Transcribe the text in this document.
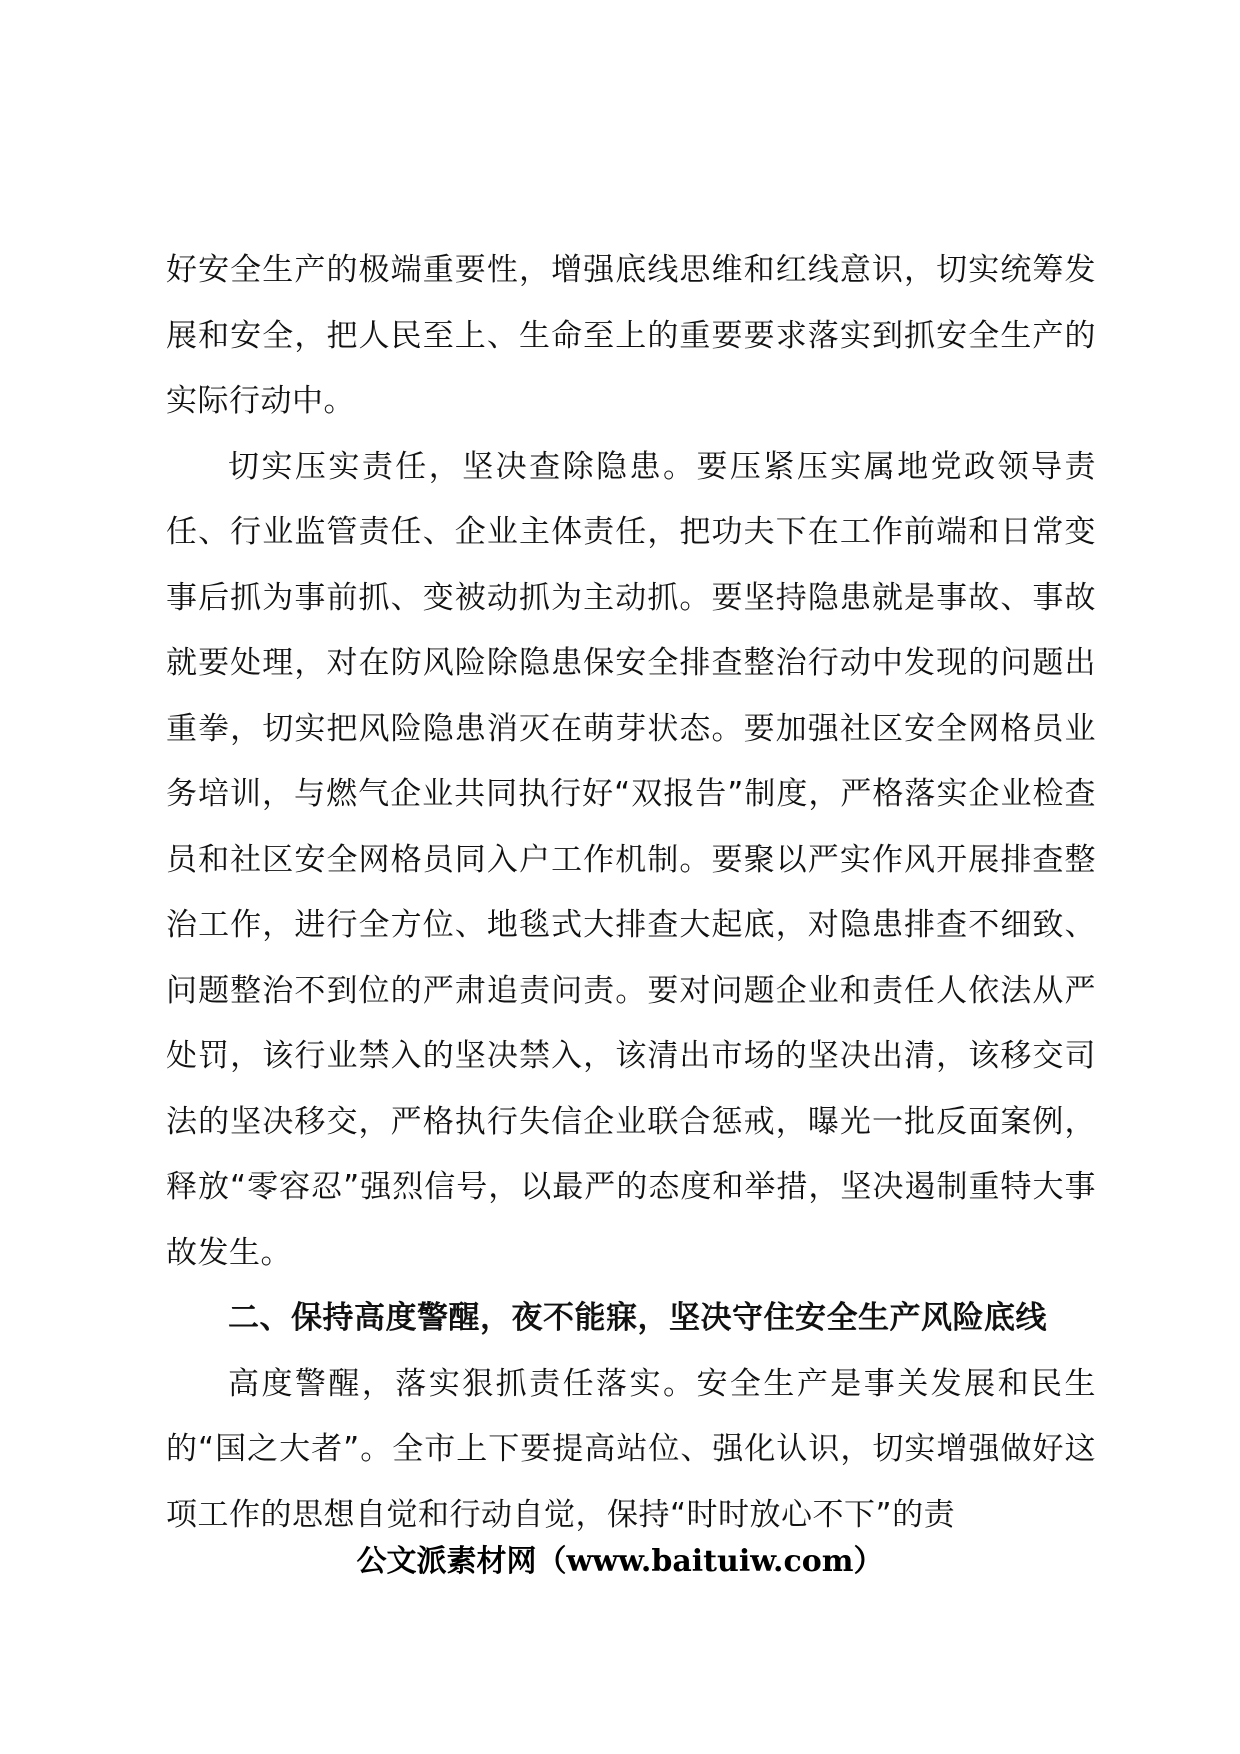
好安全生产的极端重要性，增强底线思维和红线意识，切实统筹发展和安全，把人民至上、生命至上的重要要求落实到抓安全生产的实际行动中。

切实压实责任，坚决查除隐患。要压紧压实属地党政领导责任、行业监管责任、企业主体责任，把功夫下在工作前端和日常变事后抓为事前抓、变被动抓为主动抓。要坚持隐患就是事故、事故就要处理，对在防风险除隐患保安全排查整治行动中发现的问题出重拳，切实把风险隐患消灭在萌芽状态。要加强社区安全网格员业务培训，与燃气企业共同执行好“双报告”制度，严格落实企业检查员和社区安全网格员同入户工作机制。要聚以严实作风开展排查整治工作，进行全方位、地毯式大排查大起底，对隐患排查不细致、问题整治不到位的严肃追责问责。要对问题企业和责任人依法从严处罚，该行业禁入的坚决禁入，该清出市场的坚决出清，该移交司法的坚决移交，严格执行失信企业联合惩戒，曝光一批反面案例，释放“零容忍”强烈信号，以最严的态度和举措，坚决遏制重特大事故发生。

二、保持高度警醒，夜不能寐，坚决守住安全生产风险底线

高度警醒，落实狠抓责任落实。安全生产是事关发展和民生的“国之大者”。全市上下要提高站位、强化认识，切实增强做好这项工作的思想自觉和行动自觉，保持“时时放心不下”的责

公文派素材网（www.baituiw.com）
